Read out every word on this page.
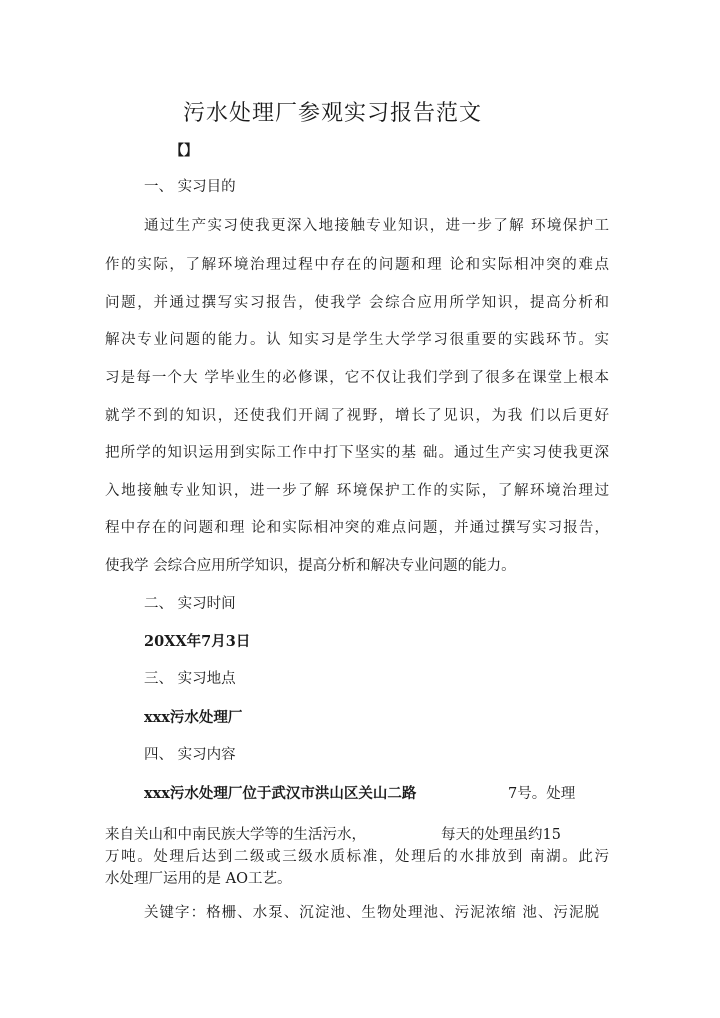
污水处理厂参观实习报告范文
【】
一、 实习目的
通过生产实习使我更深入地接触专业知识，进一步了解 环境保护工
作的实际，了解环境治理过程中存在的问题和理 论和实际相冲突的难点
问题，并通过撰写实习报告，使我学 会综合应用所学知识，提高分析和
解决专业问题的能力。认 知实习是学生大学学习很重要的实践环节。实
习是每一个大 学毕业生的必修课，它不仅让我们学到了很多在课堂上根本
就学不到的知识，还使我们开阔了视野，增长了见识，为我 们以后更好
把所学的知识运用到实际工作中打下坚实的基 础。通过生产实习使我更深
入地接触专业知识，进一步了解 环境保护工作的实际，了解环境治理过
程中存在的问题和理 论和实际相冲突的难点问题，并通过撰写实习报告，
使我学 会综合应用所学知识，提高分析和解决专业问题的能力。
二、 实习时间
20XX年7月3日
三、 实习地点
xxx污水处理厂
四、 实习内容
xxx污水处理厂位于武汉市洪山区关山二路	7号。处理
来自关山和中南民族大学等的生活污水，	每天的处理虽约15
万吨。处理后达到二级或三级水质标准，处理后的水排放到 南湖。此污
水处理厂运用的是 AO工艺。
关键字：格栅、水泵、沉淀池、生物处理池、污泥浓缩 池、污泥脱
